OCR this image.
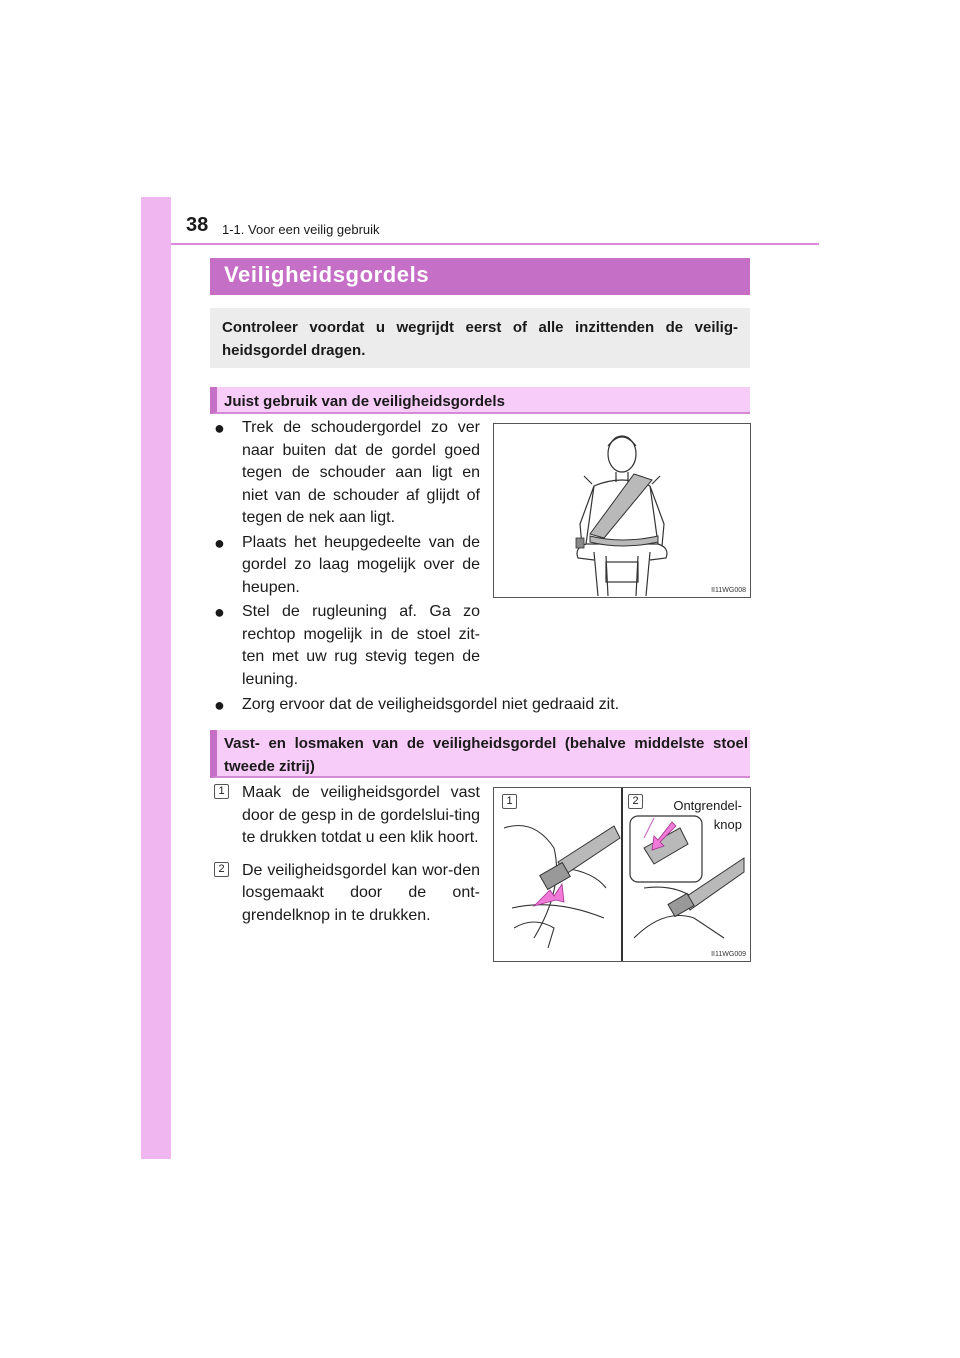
38 1-1. Voor een veilig gebruik
Veiligheidsgordels
Controleer voordat u wegrijdt eerst of alle inzittenden de veilig-heidsgordel dragen.
Juist gebruik van de veiligheidsgordels
● Trek de schoudergordel zo ver naar buiten dat de gordel goed tegen de schouder aan ligt en niet van de schouder af glijdt of tegen de nek aan ligt.
● Plaats het heupgedeelte van de gordel zo laag mogelijk over de heupen.
● Stel de rugleuning af. Ga zo rechtop mogelijk in de stoel zit-ten met uw rug stevig tegen de leuning.
● Zorg ervoor dat de veiligheidsgordel niet gedraaid zit.
II11WG008
Vast- en losmaken van de veiligheidsgordel (behalve middelste stoel tweede zitrij)
1 Maak de veiligheidsgordel vast door de gesp in de gordelslui-ting te drukken totdat u een klik hoort.
2 De veiligheidsgordel kan wor-den losgemaakt door de ont-grendelknop in te drukken.
1	2	Ontgrendel-
knop
II11WG009
